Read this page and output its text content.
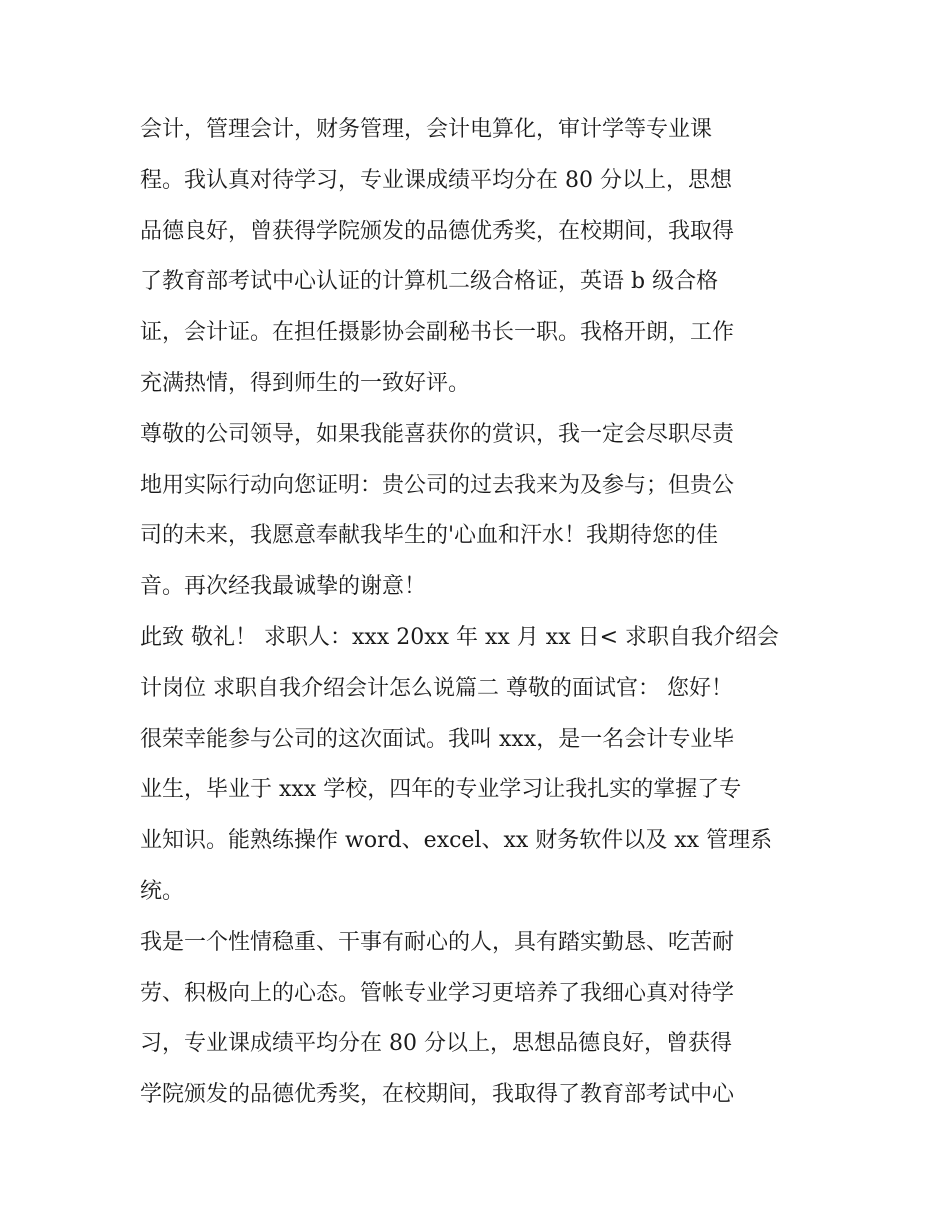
会计，管理会计，财务管理，会计电算化，审计学等专业课
程。我认真对待学习，专业课成绩平均分在 80 分以上，思想
品德良好，曾获得学院颁发的品德优秀奖，在校期间，我取得
了教育部考试中心认证的计算机二级合格证，英语 b 级合格
证，会计证。在担任摄影协会副秘书长一职。我格开朗，工作
充满热情，得到师生的一致好评。
尊敬的公司领导，如果我能喜获你的赏识，我一定会尽职尽责
地用实际行动向您证明：贵公司的过去我来为及参与；但贵公
司的未来，我愿意奉献我毕生的'心血和汗水！我期待您的佳
音。再次经我最诚挚的谢意！
此致 敬礼！ 求职人：xxx 20xx 年 xx 月 xx 日< 求职自我介绍会
计岗位 求职自我介绍会计怎么说篇二 尊敬的面试官： 您好！
很荣幸能参与公司的这次面试。我叫 xxx，是一名会计专业毕
业生，毕业于 xxx 学校，四年的专业学习让我扎实的掌握了专
业知识。能熟练操作 word、excel、xx 财务软件以及 xx 管理系
统。
我是一个性情稳重、干事有耐心的人，具有踏实勤恳、吃苦耐
劳、积极向上的心态。管帐专业学习更培养了我细心真对待学
习，专业课成绩平均分在 80 分以上，思想品德良好，曾获得
学院颁发的品德优秀奖，在校期间，我取得了教育部考试中心
